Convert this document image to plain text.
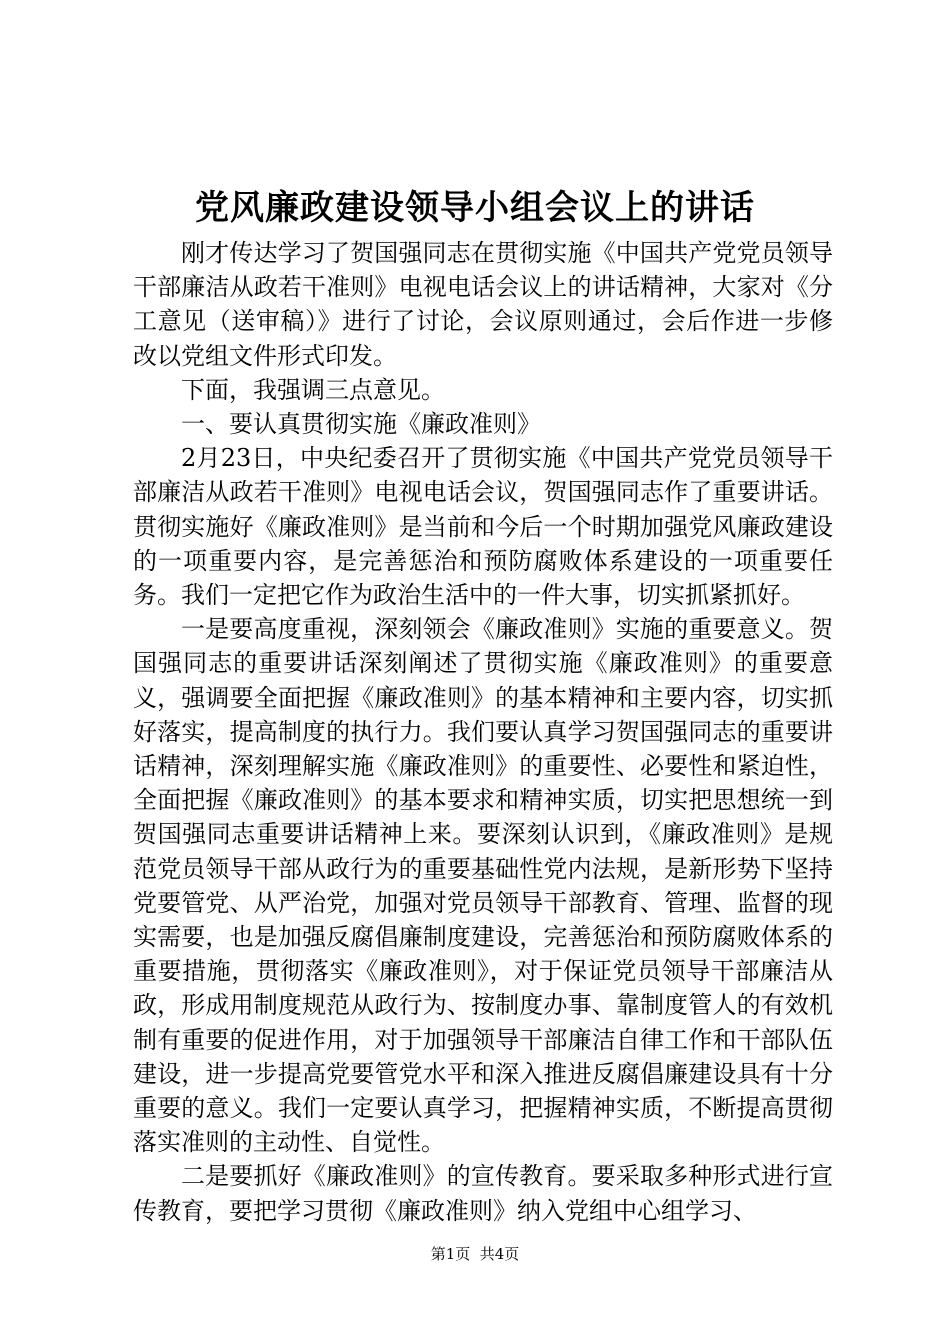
党风廉政建设领导小组会议上的讲话

刚才传达学习了贺国强同志在贯彻实施《中国共产党党员领导干部廉洁从政若干准则》电视电话会议上的讲话精神，大家对《分工意见（送审稿）》进行了讨论，会议原则通过，会后作进一步修改以党组文件形式印发。

下面，我强调三点意见。

一、要认真贯彻实施《廉政准则》

2月23日，中央纪委召开了贯彻实施《中国共产党党员领导干部廉洁从政若干准则》电视电话会议，贺国强同志作了重要讲话。贯彻实施好《廉政准则》是当前和今后一个时期加强党风廉政建设的一项重要内容，是完善惩治和预防腐败体系建设的一项重要任务。我们一定把它作为政治生活中的一件大事，切实抓紧抓好。

一是要高度重视，深刻领会《廉政准则》实施的重要意义。贺国强同志的重要讲话深刻阐述了贯彻实施《廉政准则》的重要意义，强调要全面把握《廉政准则》的基本精神和主要内容，切实抓好落实，提高制度的执行力。我们要认真学习贺国强同志的重要讲话精神，深刻理解实施《廉政准则》的重要性、必要性和紧迫性，全面把握《廉政准则》的基本要求和精神实质，切实把思想统一到贺国强同志重要讲话精神上来。要深刻认识到，《廉政准则》是规范党员领导干部从政行为的重要基础性党内法规，是新形势下坚持党要管党、从严治党，加强对党员领导干部教育、管理、监督的现实需要，也是加强反腐倡廉制度建设，完善惩治和预防腐败体系的重要措施，贯彻落实《廉政准则》，对于保证党员领导干部廉洁从政，形成用制度规范从政行为、按制度办事、靠制度管人的有效机制有重要的促进作用，对于加强领导干部廉洁自律工作和干部队伍建设，进一步提高党要管党水平和深入推进反腐倡廉建设具有十分重要的意义。我们一定要认真学习，把握精神实质，不断提高贯彻落实准则的主动性、自觉性。

二是要抓好《廉政准则》的宣传教育。要采取多种形式进行宣传教育，要把学习贯彻《廉政准则》纳入党组中心组学习、

第1页  共4页
